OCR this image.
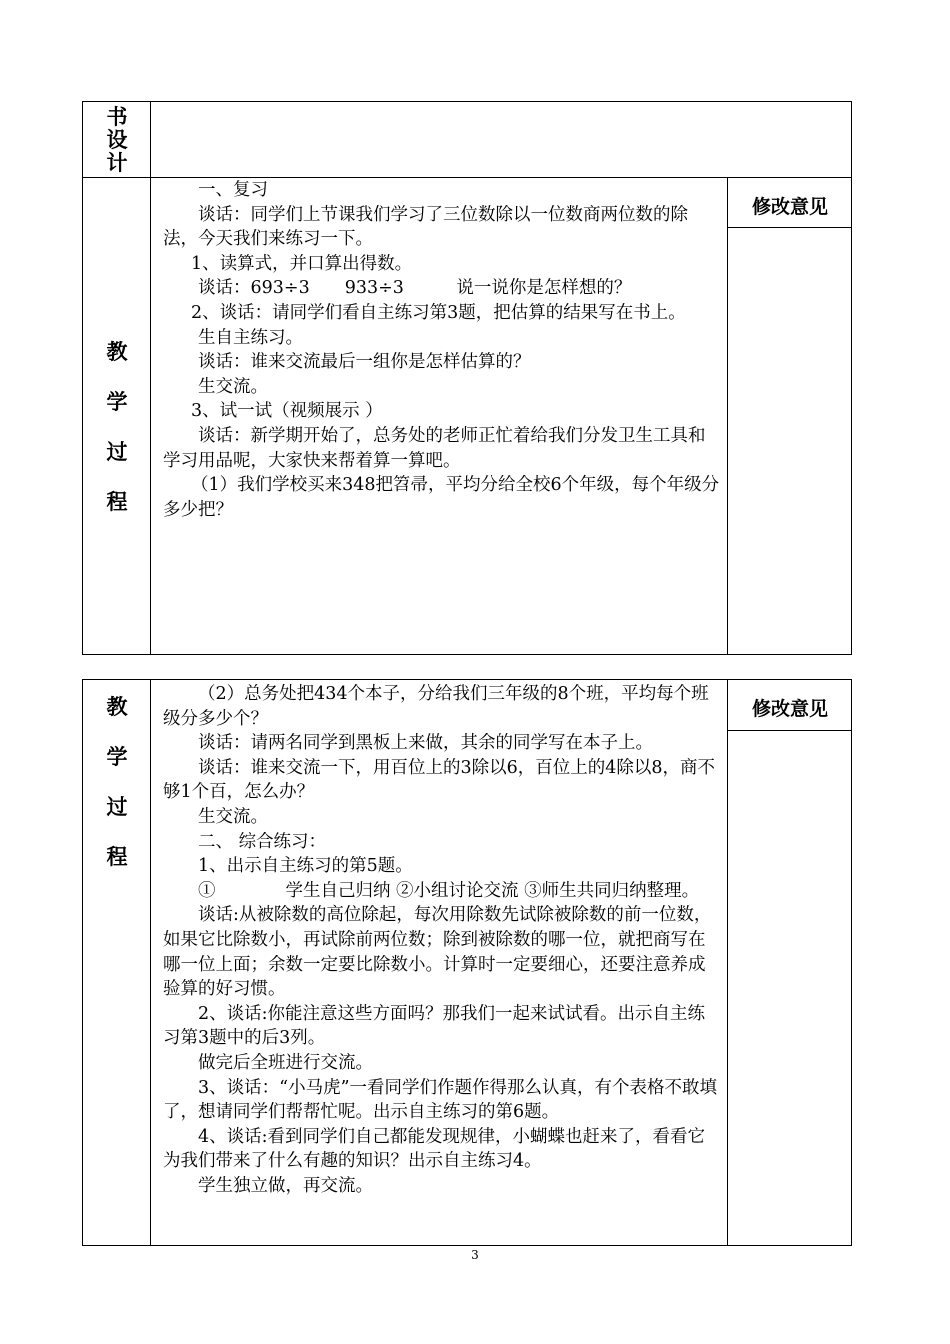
书
设
计
教
学
过
程
修改意见

一、复习

谈话：同学们上节课我们学习了三位数除以一位数商两位数的除法，今天我们来练习一下。

1、读算式，并口算出得数。

谈话：693÷3　　933÷3　　　说一说你是怎样想的？

2、谈话：请同学们看自主练习第3题，把估算的结果写在书上。

生自主练习。

谈话：谁来交流最后一组你是怎样估算的？

生交流。

3、试一试（视频展示 ）

谈话：新学期开始了，总务处的老师正忙着给我们分发卫生工具和学习用品呢，大家快来帮着算一算吧。

（1）我们学校买来348把笤帚，平均分给全校6个年级，每个年级分多少把？

教
学
过
程
修改意见

（2）总务处把434个本子，分给我们三年级的8个班，平均每个班级分多少个？

谈话：请两名同学到黑板上来做，其余的同学写在本子上。

谈话：谁来交流一下，用百位上的3除以6，百位上的4除以8，商不够1个百，怎么办？

生交流。

二、 综合练习：

1、出示自主练习的第5题。

①　　　　学生自己归纳 ②小组讨论交流 ③师生共同归纳整理。

谈话:从被除数的高位除起，每次用除数先试除被除数的前一位数，如果它比除数小，再试除前两位数；除到被除数的哪一位，就把商写在哪一位上面；余数一定要比除数小。计算时一定要细心，还要注意养成验算的好习惯。

2、谈话:你能注意这些方面吗？那我们一起来试试看。出示自主练习第3题中的后3列。

做完后全班进行交流。

3、谈话：“小马虎”一看同学们作题作得那么认真，有个表格不敢填了，想请同学们帮帮忙呢。出示自主练习的第6题。

4、谈话:看到同学们自己都能发现规律，小蝴蝶也赶来了，看看它为我们带来了什么有趣的知识？出示自主练习4。

学生独立做，再交流。

3
